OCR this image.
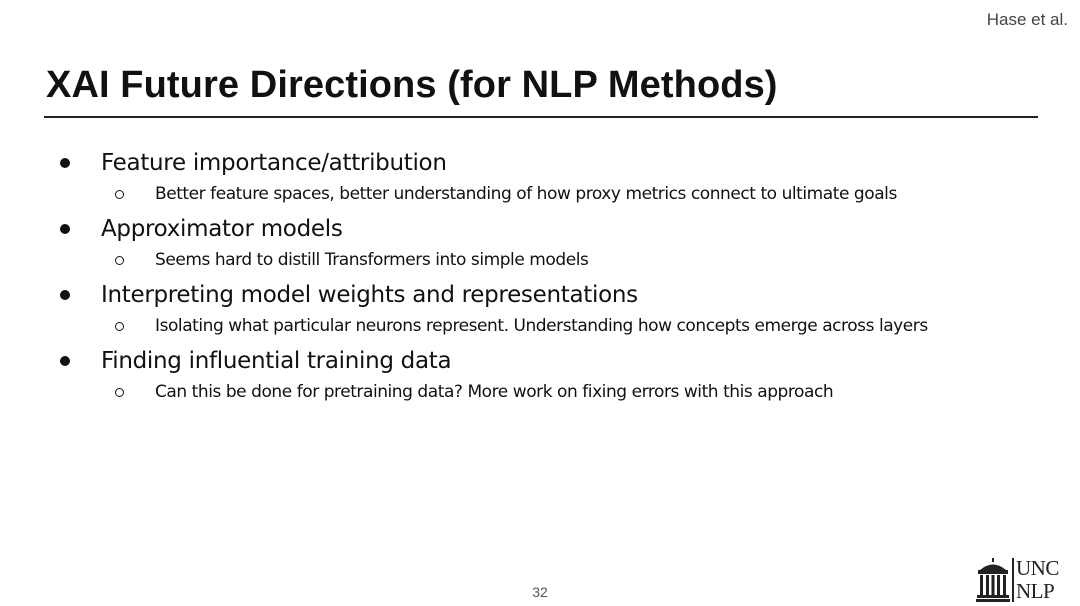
Hase et al.
XAI Future Directions (for NLP Methods)
Feature importance/attribution
Better feature spaces, better understanding of how proxy metrics connect to ultimate goals
Approximator models
Seems hard to distill Transformers into simple models
Interpreting model weights and representations
Isolating what particular neurons represent. Understanding how concepts emerge across layers
Finding influential training data
Can this be done for pretraining data? More work on fixing errors with this approach
32
UNC
NLP
